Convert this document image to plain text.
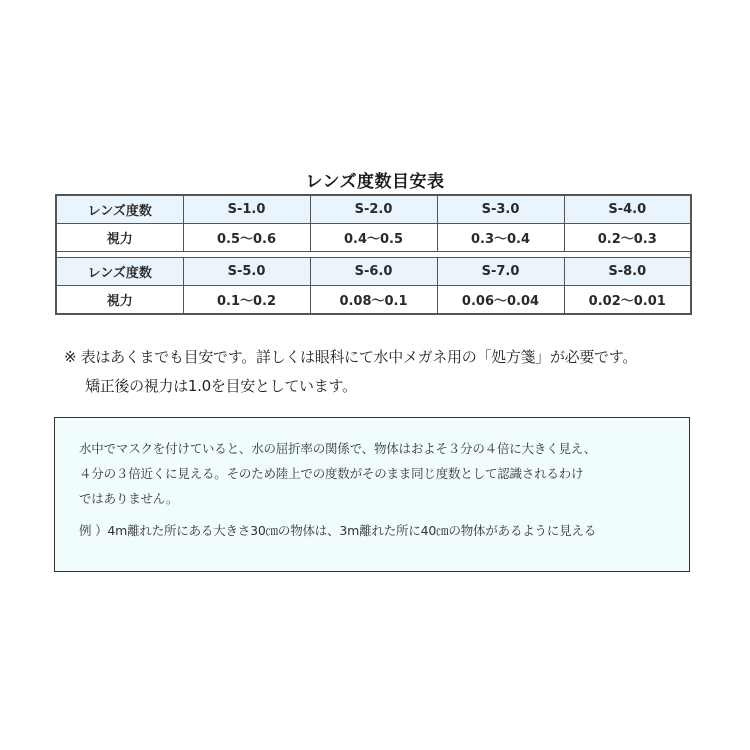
レンズ度数目安表
レンズ度数	S-1.0	S-2.0	S-3.0	S-4.0
視力	0.5〜0.6	0.4〜0.5	0.3〜0.4	0.2〜0.3

レンズ度数	S-5.0	S-6.0	S-7.0	S-8.0
視力	0.1〜0.2	0.08〜0.1	0.06〜0.04	0.02〜0.01
※ 表はあくまでも目安です。詳しくは眼科にて水中メガネ用の「処方箋」が必要です。
矯正後の視力は1.0を目安としています。

水中でマスクを付けていると、水の屈折率の関係で、物体はおよそ３分の４倍に大きく見え、

４分の３倍近くに見える。そのため陸上での度数がそのまま同じ度数として認識されるわけ

ではありません。

例 ）4m離れた所にある大きさ30㎝の物体は、3m離れた所に40㎝の物体があるように見える
